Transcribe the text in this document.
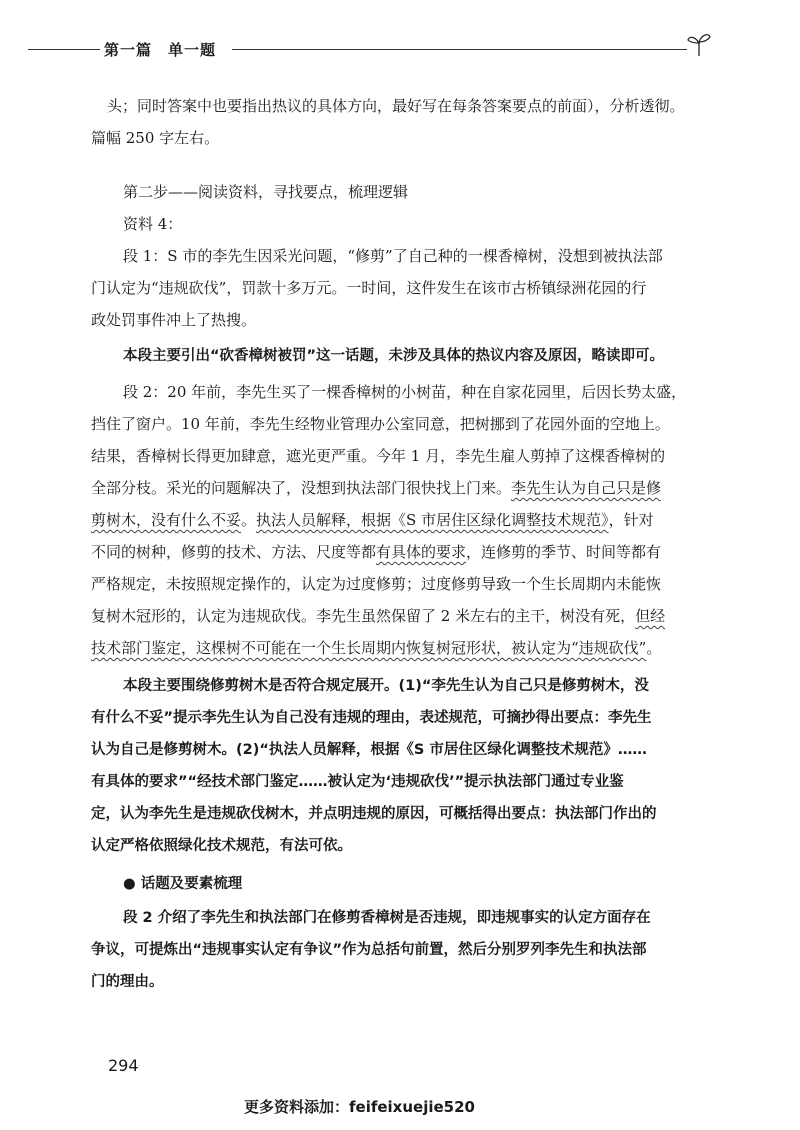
第一篇　单一题
头；同时答案中也要指出热议的具体方向，最好写在每条答案要点的前面），分析透彻。
篇幅 250 字左右。
第二步——阅读资料，寻找要点，梳理逻辑
资料 4：
段 1：S 市的李先生因采光问题，“修剪”了自己种的一棵香樟树，没想到被执法部
门认定为“违规砍伐”，罚款十多万元。一时间，这件发生在该市古桥镇绿洲花园的行
政处罚事件冲上了热搜。
本段主要引出“砍香樟树被罚”这一话题，未涉及具体的热议内容及原因，略读即可。
段 2：20 年前，李先生买了一棵香樟树的小树苗，种在自家花园里，后因长势太盛，
挡住了窗户。10 年前，李先生经物业管理办公室同意，把树挪到了花园外面的空地上。
结果，香樟树长得更加肆意，遮光更严重。今年 1 月，李先生雇人剪掉了这棵香樟树的
全部分枝。采光的问题解决了，没想到执法部门很快找上门来。李先生认为自己只是修
剪树木，没有什么不妥。执法人员解释，根据《S 市居住区绿化调整技术规范》，针对
不同的树种，修剪的技术、方法、尺度等都有具体的要求，连修剪的季节、时间等都有
严格规定，未按照规定操作的，认定为过度修剪；过度修剪导致一个生长周期内未能恢
复树木冠形的，认定为违规砍伐。李先生虽然保留了 2 米左右的主干，树没有死，但经
技术部门鉴定，这棵树不可能在一个生长周期内恢复树冠形状，被认定为“违规砍伐”。
本段主要围绕修剪树木是否符合规定展开。(1)“李先生认为自己只是修剪树木，没
有什么不妥”提示李先生认为自己没有违规的理由，表述规范，可摘抄得出要点：李先生
认为自己是修剪树木。(2)“执法人员解释，根据《S 市居住区绿化调整技术规范》……
有具体的要求”“经技术部门鉴定……被认定为‘违规砍伐’”提示执法部门通过专业鉴
定，认为李先生是违规砍伐树木，并点明违规的原因，可概括得出要点：执法部门作出的
认定严格依照绿化技术规范，有法可依。
● 话题及要素梳理
段 2 介绍了李先生和执法部门在修剪香樟树是否违规，即违规事实的认定方面存在
争议，可提炼出“违规事实认定有争议”作为总括句前置，然后分别罗列李先生和执法部
门的理由。
294
更多资料添加：feifeixuejie520
